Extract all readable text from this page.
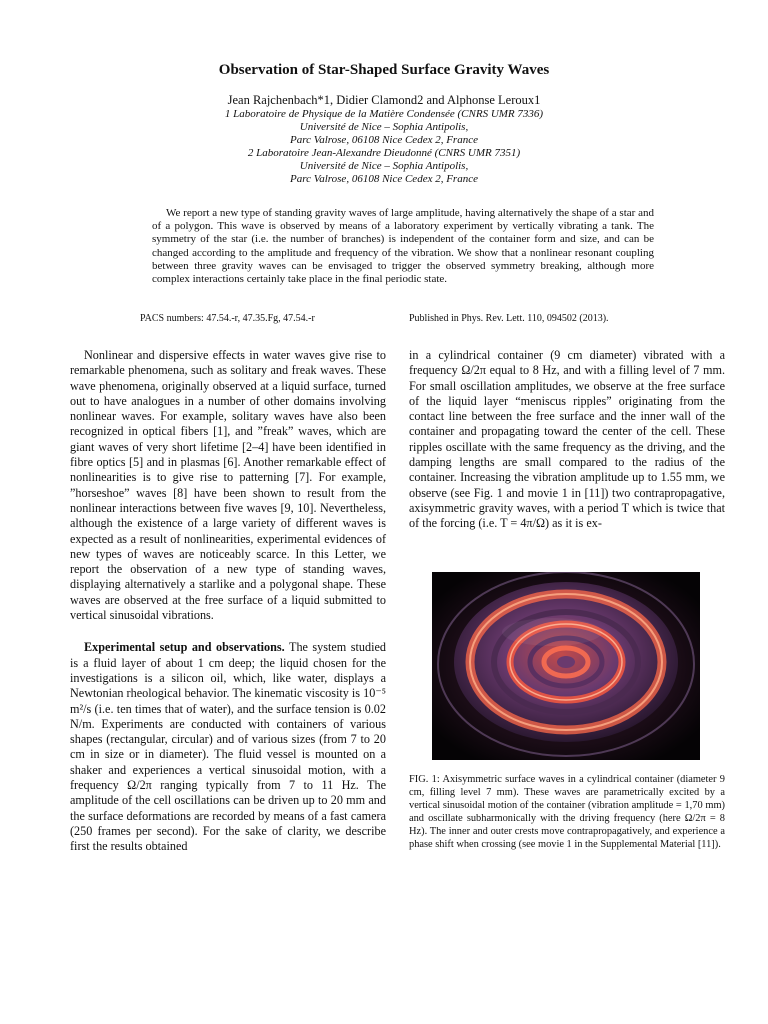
Observation of Star-Shaped Surface Gravity Waves
Jean Rajchenbach*1, Didier Clamond2 and Alphonse Leroux1
1 Laboratoire de Physique de la Matière Condensée (CNRS UMR 7336)
Université de Nice – Sophia Antipolis,
Parc Valrose, 06108 Nice Cedex 2, France
2 Laboratoire Jean-Alexandre Dieudonné (CNRS UMR 7351)
Université de Nice – Sophia Antipolis,
Parc Valrose, 06108 Nice Cedex 2, France
We report a new type of standing gravity waves of large amplitude, having alternatively the shape of a star and of a polygon. This wave is observed by means of a laboratory experiment by vertically vibrating a tank. The symmetry of the star (i.e. the number of branches) is independent of the container form and size, and can be changed according to the amplitude and frequency of the vibration. We show that a nonlinear resonant coupling between three gravity waves can be envisaged to trigger the observed symmetry breaking, although more complex interactions certainly take place in the final periodic state.
PACS numbers: 47.54.-r, 47.35.Fg, 47.54.-r	Published in Phys. Rev. Lett. 110, 094502 (2013).

Nonlinear and dispersive effects in water waves give rise to remarkable phenomena, such as solitary and freak waves. These wave phenomena, originally observed at a liquid surface, turned out to have analogues in a number of other domains involving nonlinear waves. For example, solitary waves have also been recognized in optical fibers [1], and ”freak” waves, which are giant waves of very short lifetime [2–4] have been identified in fibre optics [5] and in plasmas [6]. Another remarkable effect of nonlinearities is to give rise to patterning [7]. For example, ”horseshoe” waves [8] have been shown to result from the nonlinear interactions between five waves [9, 10]. Nevertheless, although the existence of a large variety of different waves is expected as a result of nonlinearities, experimental evidences of new types of waves are noticeably scarce. In this Letter, we report the observation of a new type of standing waves, displaying alternatively a starlike and a polygonal shape. These waves are observed at the free surface of a liquid submitted to vertical sinusoidal vibrations.

Experimental setup and observations. The system studied is a fluid layer of about 1 cm deep; the liquid chosen for the investigations is a silicon oil, which, like water, displays a Newtonian rheological behavior. The kinematic viscosity is 10⁻⁵ m²/s (i.e. ten times that of water), and the surface tension is 0.02 N/m. Experiments are conducted with containers of various shapes (rectangular, circular) and of various sizes (from 7 to 20 cm in size or in diameter). The fluid vessel is mounted on a shaker and experiences a vertical sinusoidal motion, with a frequency Ω/2π ranging typically from 7 to 11 Hz. The amplitude of the cell oscillations can be driven up to 20 mm and the surface deformations are recorded by means of a fast camera (250 frames per second). For the sake of clarity, we describe first the results obtained

in a cylindrical container (9 cm diameter) vibrated with a frequency Ω/2π equal to 8 Hz, and with a filling level of 7 mm. For small oscillation amplitudes, we observe at the free surface of the liquid layer “meniscus ripples” originating from the contact line between the free surface and the inner wall of the container and propagating toward the center of the cell. These ripples oscillate with the same frequency as the driving, and the damping lengths are small compared to the radius of the container. Increasing the vibration amplitude up to 1.55 mm, we observe (see Fig. 1 and movie 1 in [11]) two contrapropagative, axisymmetric gravity waves, with a period T which is twice that of the forcing (i.e. T = 4π/Ω) as it is ex-

FIG. 1: Axisymmetric surface waves in a cylindrical container (diameter 9 cm, filling level 7 mm). These waves are parametrically excited by a vertical sinusoidal motion of the container (vibration amplitude = 1,70 mm) and oscillate subharmonically with the driving frequency (here Ω/2π = 8 Hz). The inner and outer crests move contrapropagatively, and experience a phase shift when crossing (see movie 1 in the Supplemental Material [11]).
